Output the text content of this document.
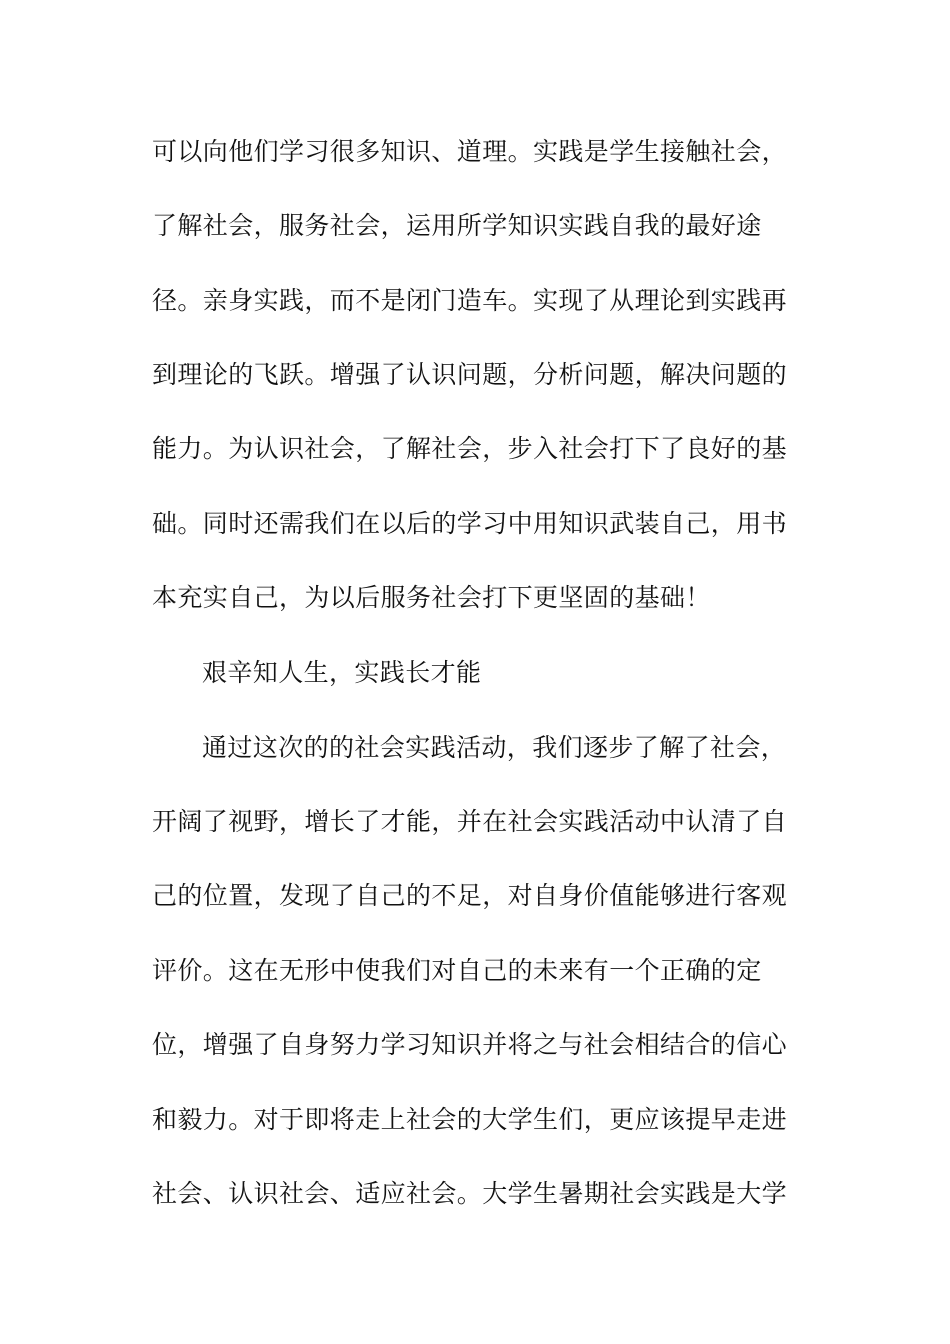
可以向他们学习很多知识、道理。实践是学生接触社会，
了解社会，服务社会，运用所学知识实践自我的最好途
径。亲身实践，而不是闭门造车。实现了从理论到实践再
到理论的飞跃。增强了认识问题，分析问题，解决问题的
能力。为认识社会，了解社会，步入社会打下了良好的基
础。同时还需我们在以后的学习中用知识武装自己，用书
本充实自己，为以后服务社会打下更坚固的基础！
艰辛知人生，实践长才能
通过这次的的社会实践活动，我们逐步了解了社会，
开阔了视野，增长了才能，并在社会实践活动中认清了自
己的位置，发现了自己的不足，对自身价值能够进行客观
评价。这在无形中使我们对自己的未来有一个正确的定
位，增强了自身努力学习知识并将之与社会相结合的信心
和毅力。对于即将走上社会的大学生们，更应该提早走进
社会、认识社会、适应社会。大学生暑期社会实践是大学
